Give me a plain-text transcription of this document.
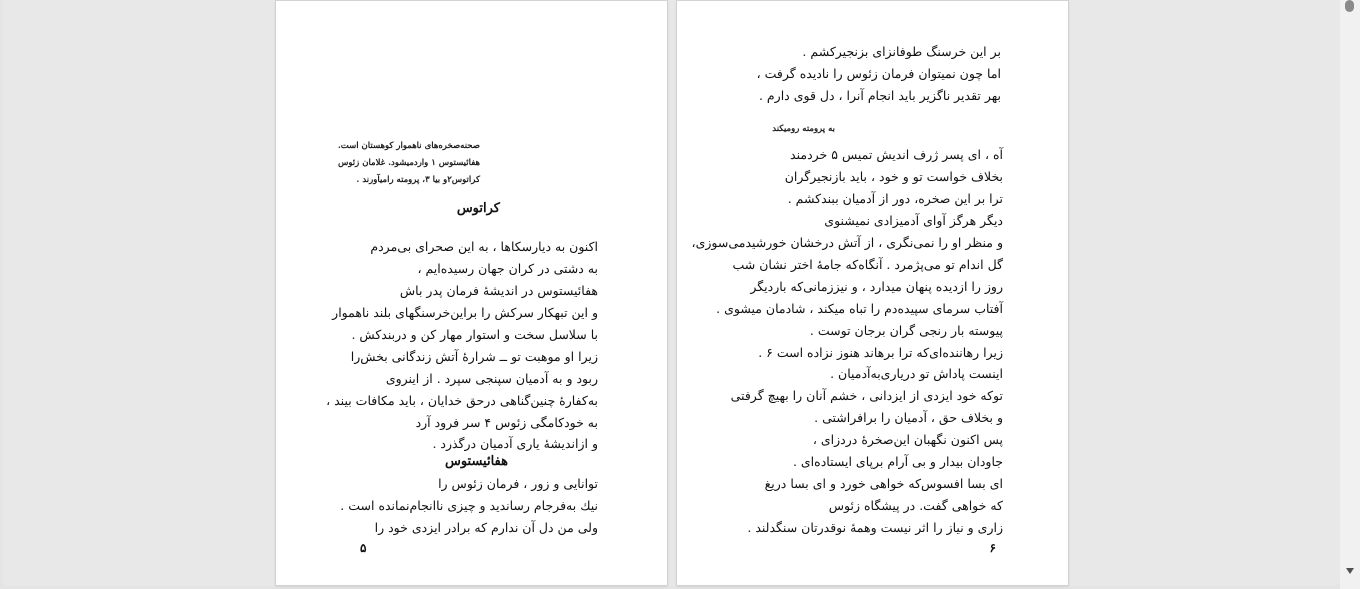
صحنه‌صخره‌های ناهموار کوهستان است.
هفائیستوس ۱ وارد‌میشود. غلامان زئوس
کراتوس۲و بیا ۳، پرومته رامیآورند .
کراتوس
اکنون به دیارسکاها ، به این صحرای بی‌مردم
به دشتی در کران جهان رسیده‌ایم ،
هفائیستوس در اندیشهٔ فرمان پدر باش
و این تبهکار سرکش را براین‌خرسنگهای بلند ناهموار
با سلاسل سخت و استوار مهار کن و دربندکش .
زیرا او موهبت تو ــ شرارهٔ آتش زندگانی بخش‌را
ربود و به آدمیان سپنجی سپرد . از اینروی
به‌کفارهٔ چنین‌گناهی درحق خدایان ، باید مکافات بیند ،
به خودکامگی زئوس ۴ سر فرود آرد
و ازاندیشهٔ یاری آدمیان درگذرد .
هفائیستوس
توانایی و زور ، فرمان زئوس را
نیك به‌فرجام رساندید و چیزی ناانجام‌نمانده است .
ولی من دل آن ندارم که برادر ایزدی خود را
۵
بر این خرسنگ طوفانزای بزنجیرکشم .
اما چون نمیتوان فرمان زئوس را نادیده گرفت ،
بهر تقدیر ناگزیر باید انجام آنرا ، دل قوی دارم .
به پرومته رومیکند
آه ، ای پسر ژرف اندیش تمیس ۵ خردمند
بخلاف خواست تو و خود ، باید بازنجیرگران
ترا بر این صخره، دور از آدمیان ببندکشم .
دیگر هرگز آوای آدمیزادی نمیشنوی
و منظر او را نمی‌نگری ، از آتش درخشان خورشیدمی‌سوزی،
گل اندام تو می‌پژمرد . آنگاه‌که جامهٔ اختر نشان شب
روز را ازدیده پنهان میدارد ، و نیززمانی‌که بارديگر
آفتاب سرمای سپیده‌دم را تباه میکند ، شادمان میشوی .
پیوسته بار رنجی گران برجان توست .
زیرا رهاننده‌ای‌که ترا برهاند هنوز نزاده است ۶ .
اینست پاداش تو دریاری‌به‌آدمیان .
توکه خود ایزدی از ایزدانی ، خشم آنان را بهیچ گرفتی
و بخلاف حق ، آدمیان را برافراشتی .
پس اکنون نگهبان این‌صخرهٔ دردزای ،
جاودان بیدار و بی آرام برپای ایستاده‌ای .
ای بسا افسوس‌که خواهی خورد و ای بسا دریغ
که خواهی گفت. در پیشگاه زئوس
زاری و نیاز را اثر نیست وهمهٔ نوقدرتان سنگدلند .
۶
